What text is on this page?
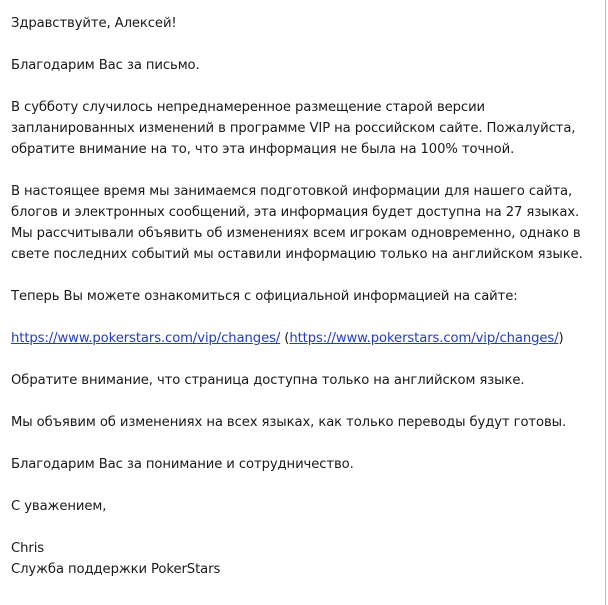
Здравствуйте, Алексей!

Благодарим Вас за письмо.

В субботу случилось непреднамеренное размещение старой версии
запланированных изменений в программе VIP на российском сайте. Пожалуйста,
обратите внимание на то, что эта информация не была на 100% точной.

В настоящее время мы занимаемся подготовкой информации для нашего сайта,
блогов и электронных сообщений, эта информация будет доступна на 27 языках.
Мы рассчитывали объявить об изменениях всем игрокам одновременно, однако в
свете последних событий мы оставили информацию только на английском языке.

Теперь Вы можете ознакомиться с официальной информацией на сайте:

https://www.pokerstars.com/vip/changes/ (https://www.pokerstars.com/vip/changes/)

Обратите внимание, что страница доступна только на английском языке.

Мы объявим об изменениях на всех языках, как только переводы будут готовы.

Благодарим Вас за понимание и сотрудничество.

С уважением,

Chris
Служба поддержки PokerStars
